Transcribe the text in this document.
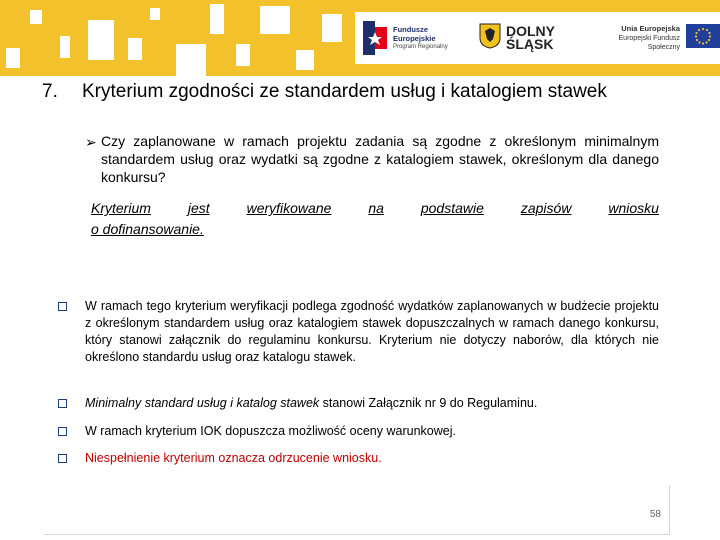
Fundusze
Europejskie
Program Regionalny
DOLNY
ŚLĄSK
Unia Europejska
Europejski Fundusz Społeczny
7. Kryterium zgodności ze standardem usług i katalogiem stawek
➢ Czy zaplanowane w ramach projektu zadania są zgodne z określonym minimalnym standardem usług oraz wydatki są zgodne z katalogiem stawek, określonym dla danego konkursu?
Kryterium	jest	weryfikowane	na	podstawie	zapisów	wniosku
o dofinansowanie.
W ramach tego kryterium weryfikacji podlega zgodność wydatków zaplanowanych w budżecie projektu z określonym standardem usług oraz katalogiem stawek dopuszczalnych w ramach danego konkursu, który stanowi załącznik do regulaminu konkursu. Kryterium nie dotyczy naborów, dla których nie określono standardu usług oraz katalogu stawek.
Minimalny standard usług i katalog stawek stanowi Załącznik nr 9 do Regulaminu.
W ramach kryterium IOK dopuszcza możliwość oceny warunkowej.
Niespełnienie kryterium oznacza odrzucenie wniosku.
58
